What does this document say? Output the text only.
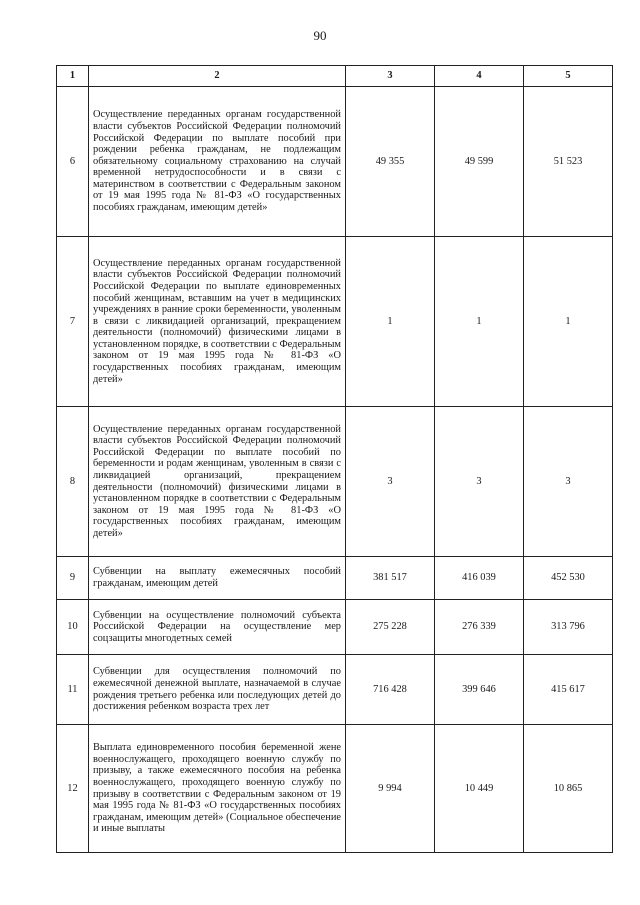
90
1	2	3	4	5
6	Осуществление переданных органам государственной власти субъектов Российской Федерации полномочий Российской Федерации по выплате пособий при рождении ребенка гражданам, не подлежащим обязательному социальному страхованию на случай временной нетрудоспособности и в связи с материнством в соответствии с Федеральным законом от 19 мая 1995 года № 81-ФЗ «О государственных пособиях гражданам, имеющим детей»	49 355	49 599	51 523
7	Осуществление переданных органам государственной власти субъектов Российской Федерации полномочий Российской Федерации по выплате единовременных пособий женщинам, вставшим на учет в медицинских учреждениях в ранние сроки беременности, уволенным в связи с ликвидацией организаций, прекращением деятельности (полномочий) физическими лицами в установленном порядке, в соответствии с Федеральным законом от 19 мая 1995 года № 81-ФЗ «О государственных пособиях гражданам, имеющим детей»	1	1	1
8	Осуществление переданных органам государственной власти субъектов Российской Федерации полномочий Российской Федерации по выплате пособий по беременности и родам женщинам, уволенным в связи с ликвидацией организаций, прекращением деятельности (полномочий) физическими лицами в установленном порядке в соответствии с Федеральным законом от 19 мая 1995 года № 81-ФЗ «О государственных пособиях гражданам, имеющим детей»	3	3	3
9	Субвенции на выплату ежемесячных пособий гражданам, имеющим детей	381 517	416 039	452 530
10	Субвенции на осуществление полномочий субъекта Российской Федерации на осуществление мер соцзащиты многодетных семей	275 228	276 339	313 796
11	Субвенции для осуществления полномочий по ежемесячной денежной выплате, назначаемой в случае рождения третьего ребенка или последующих детей до достижения ребенком возраста трех лет	716 428	399 646	415 617
12	Выплата единовременного пособия беременной жене военнослужащего, проходящего военную службу по призыву, а также ежемесячного пособия на ребенка военнослужащего, проходящего военную службу по призыву в соответствии с Федеральным законом от 19 мая 1995 года № 81-ФЗ «О государственных пособиях гражданам, имеющим детей» (Социальное обеспечение и иные выплаты	9 994	10 449	10 865
